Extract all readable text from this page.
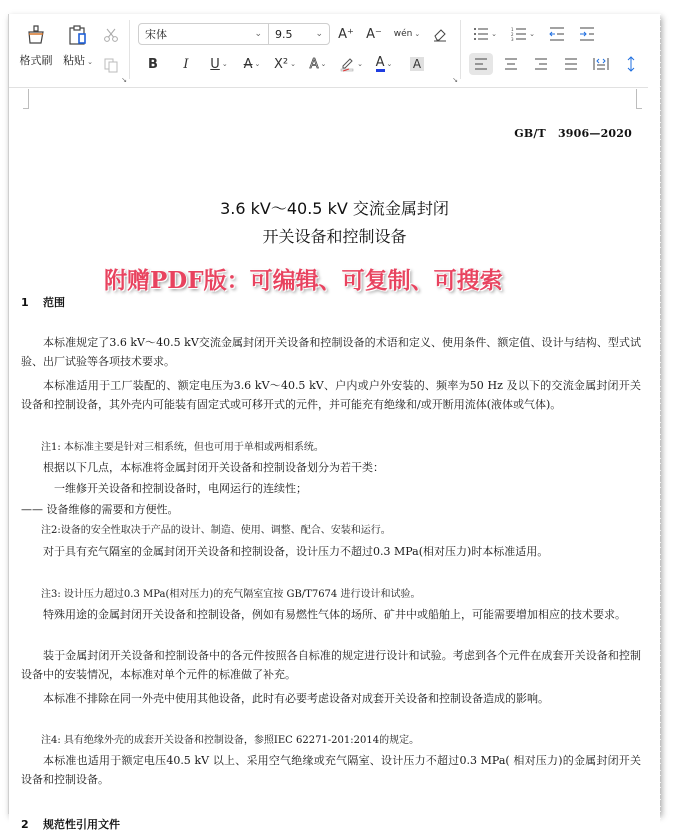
格式刷 粘贴 ⌄
↘
宋体	⌄ 9.5	⌄ A⁺ A⁻ wén ⌄
B I U ⌄ A ⌄ X² ⌄ A ⌄	⌄ A ⌄ A
↘
⌄
1
2
3
⌄
GB/T 3906—2020
3.6 kV～40.5 kV 交流金属封闭
开关设备和控制设备
附赠PDF版：可编辑、可复制、可搜索
1 范围
本标准规定了3.6 kV～40.5 kV交流金属封闭开关设备和控制设备的术语和定义、使用条件、额定值、设计与结构、型式试验、出厂试验等各项技术要求。
本标准适用于工厂装配的、额定电压为3.6 kV～40.5 kV、户内或户外安装的、频率为50 Hz 及以下的交流金属封闭开关设备和控制设备，其外壳内可能装有固定式或可移开式的元件，并可能充有绝缘和/或开断用流体(液体或气体)。
注1: 本标准主要是针对三相系统，但也可用于单相或两相系统。
根据以下几点，本标准将金属封闭开关设备和控制设备划分为若干类：
一维修开关设备和控制设备时，电网运行的连续性；
—— 设备维修的需要和方便性。
注2:设备的安全性取决于产品的设计、制造、使用、调整、配合、安装和运行。
对于具有充气隔室的金属封闭开关设备和控制设备，设计压力不超过0.3 MPa(相对压力)时本标准适用。
注3: 设计压力超过0.3 MPa(相对压力)的充气隔室宜按 GB/T7674 进行设计和试验。
特殊用途的金属封闭开关设备和控制设备，例如有易燃性气体的场所、矿井中或船舶上，可能需要增加相应的技术要求。
装于金属封闭开关设备和控制设备中的各元件按照各自标准的规定进行设计和试验。考虑到各个元件在成套开关设备和控制设备中的安装情况，本标准对单个元件的标准做了补充。
本标准不排除在同一外壳中使用其他设备，此时有必要考虑设备对成套开关设备和控制设备造成的影响。
注4: 具有绝缘外壳的成套开关设备和控制设备，参照IEC 62271-201:2014的规定。
本标准也适用于额定电压40.5 kV 以上、采用空气绝缘或充气隔室、设计压力不超过0.3 MPa( 相对压力)的金属封闭开关设备和控制设备。
2 规范性引用文件
